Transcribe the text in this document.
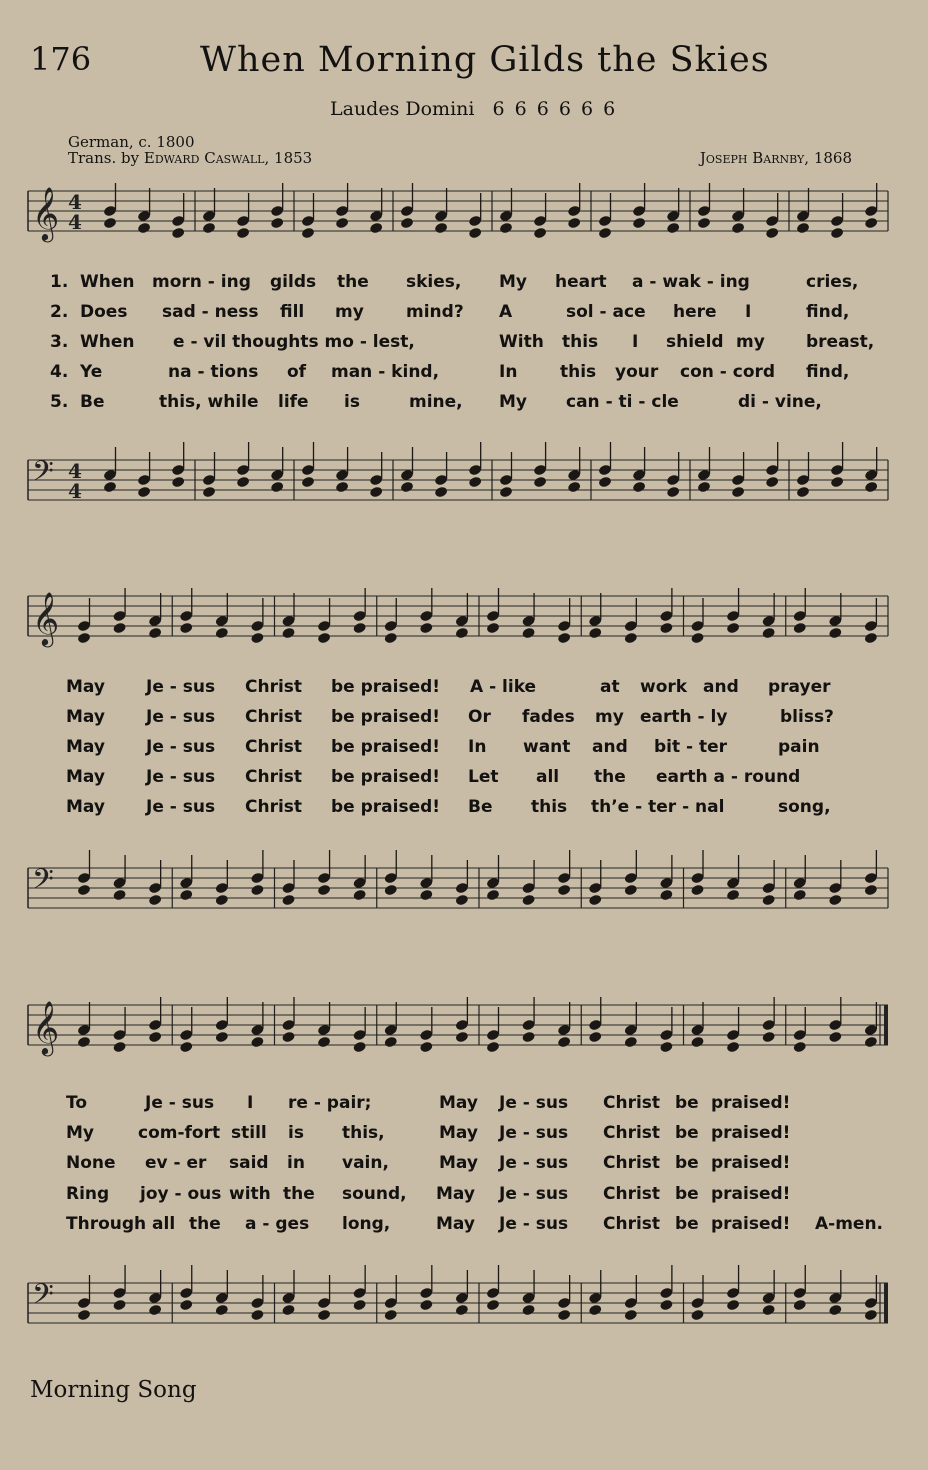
176	When Morning Gilds the Skies
Laudes Domini 6 6 6 6 6 6
German, c. 1800
Trans. by Edward Caswall, 1853	Joseph Barnby, 1868
𝄞 4
4
1. When morn - ing gilds the skies, My heart a - wak - ing	cries,
2. Does sad - ness fill my mind? A	sol - ace here I	find,
3. When e - vil thoughts mo - lest,	With this I shield my breast,
4. Ye	na - tions of man - kind,	In	this your con - cord find,
5. Be	this, while life is	mine, My can - ti - cle	di - vine,
𝄢 4
4
𝄞
May Je - sus Christ be praised! A - like	at work and prayer
May Je - sus Christ be praised! Or fades my earth - ly	bliss?
May Je - sus Christ be praised! In want and bit - ter	pain
May Je - sus Christ be praised! Let all the earth a - round
May Je - sus Christ be praised! Be this th’e - ter - nal	song,
𝄢
𝄞
To	Je - sus I re - pair;	May Je - sus Christ be praised!
My	com-fort still is this,	May Je - sus Christ be praised!
None ev - er said in vain,	May Je - sus Christ be praised!
Ring joy - ous with the sound, May Je - sus Christ be praised!
Through all the a - ges long,	May Je - sus Christ be praised! A-men.
𝄢
Morning Song
